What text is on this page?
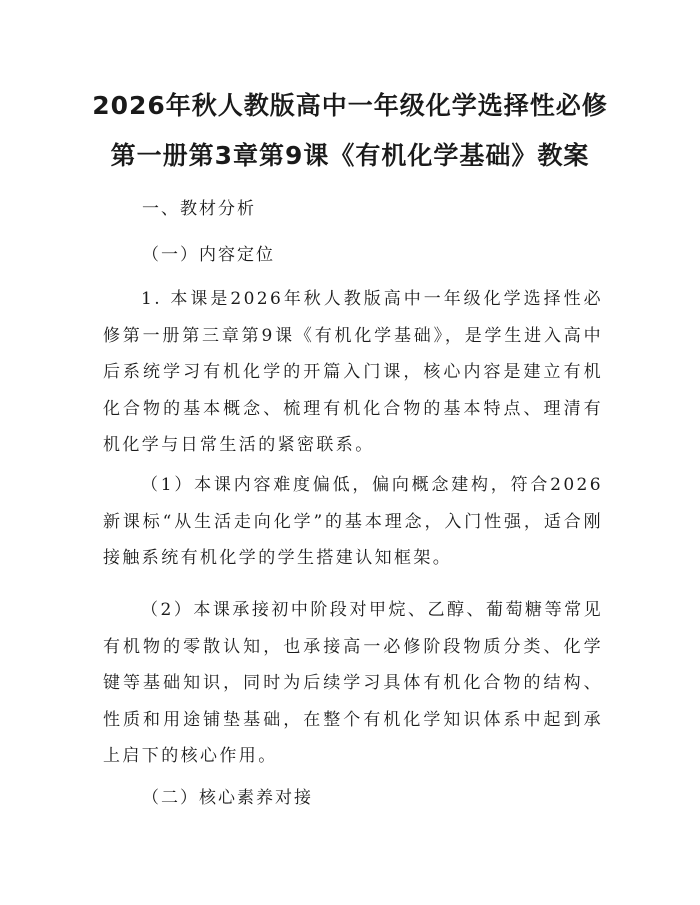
2026年秋人教版高中一年级化学选择性必修
第一册第3章第9课《有机化学基础》教案
一、教材分析
（一）内容定位
1. 本课是2026年秋人教版高中一年级化学选择性必修第一册第三章第9课《有机化学基础》，是学生进入高中后系统学习有机化学的开篇入门课，核心内容是建立有机化合物的基本概念、梳理有机化合物的基本特点、理清有机化学与日常生活的紧密联系。
（1）本课内容难度偏低，偏向概念建构，符合2026新课标“从生活走向化学”的基本理念，入门性强，适合刚接触系统有机化学的学生搭建认知框架。
（2）本课承接初中阶段对甲烷、乙醇、葡萄糖等常见有机物的零散认知，也承接高一必修阶段物质分类、化学键等基础知识，同时为后续学习具体有机化合物的结构、性质和用途铺垫基础，在整个有机化学知识体系中起到承上启下的核心作用。
（二）核心素养对接
